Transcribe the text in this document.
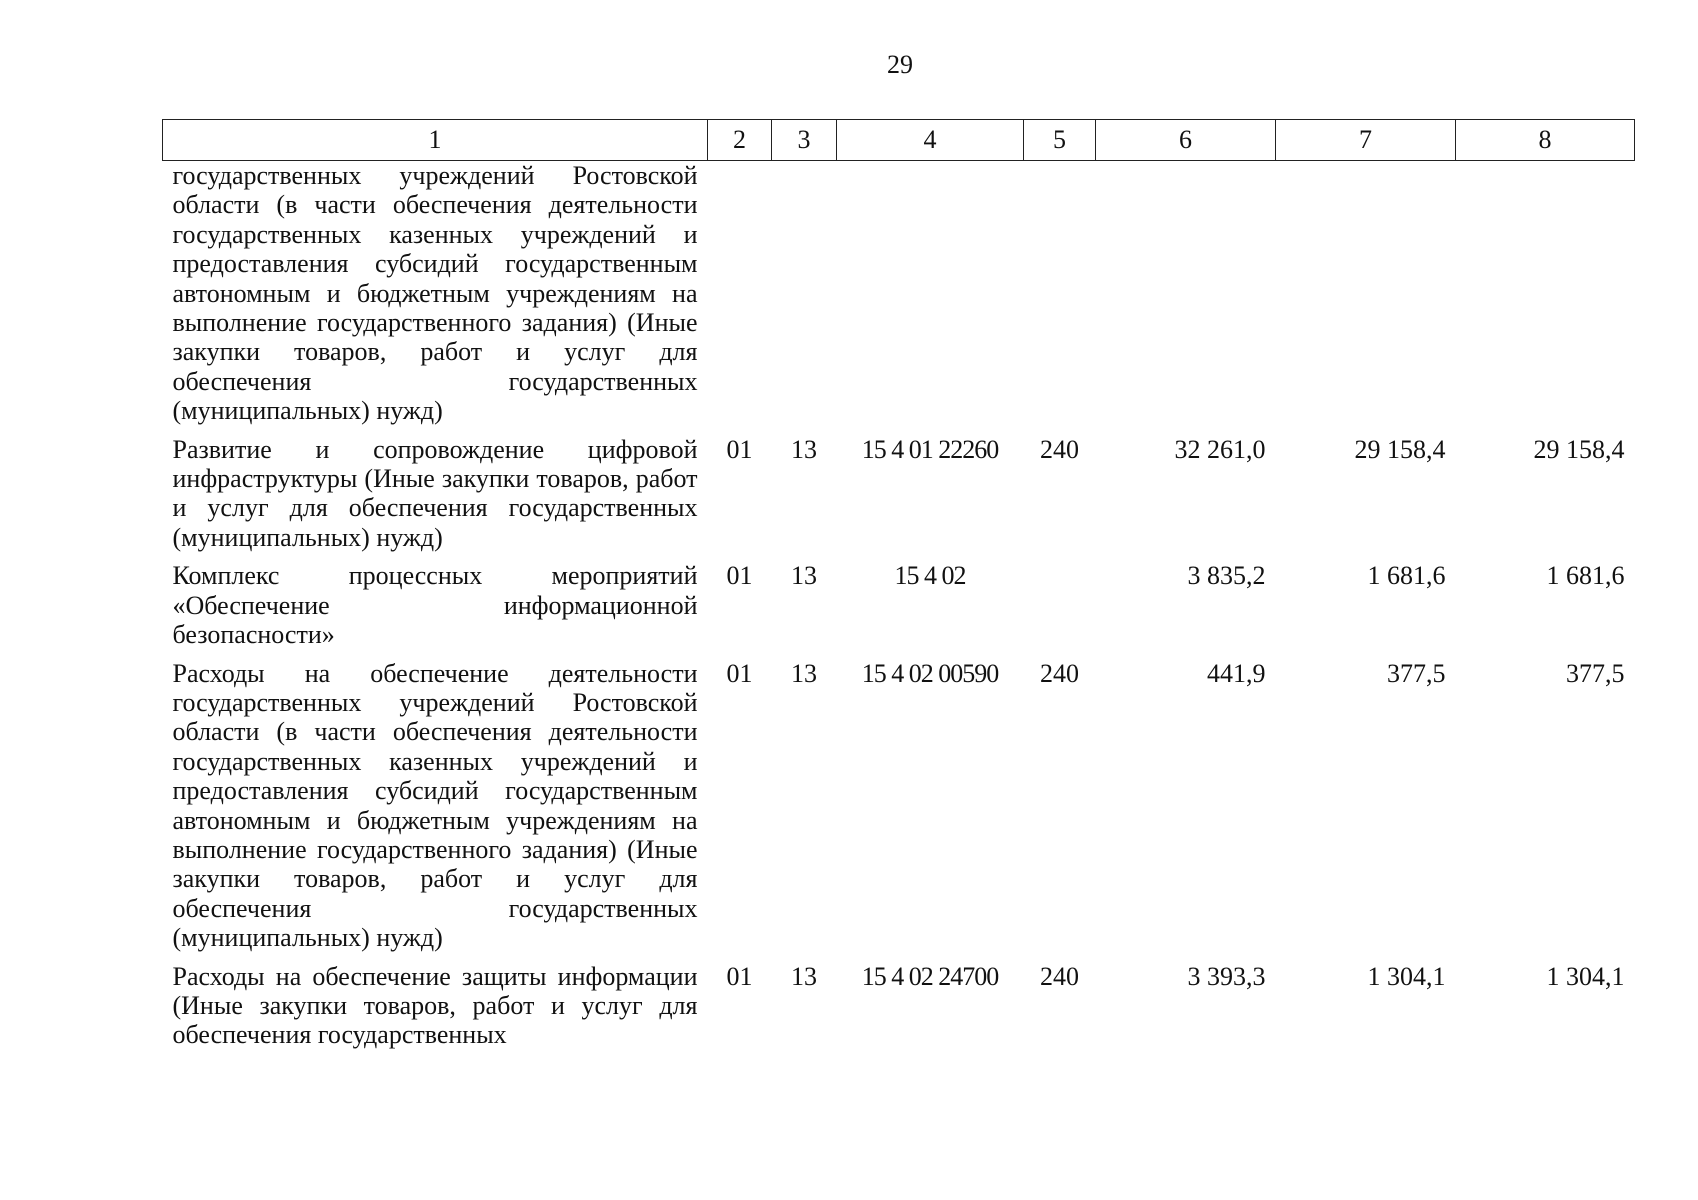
29
1	2	3	4	5	6	7	8
государственных учреждений Ростовской области (в части обеспечения деятельности государственных казенных учреждений и предоставления субсидий государственным автономным и бюджетным учреждениям на выполнение государственного задания) (Иные закупки товаров, работ и услуг для обеспечения государственных (муниципальных) нужд)							
Развитие и сопровождение цифровой инфраструктуры (Иные закупки товаров, работ и услуг для обеспечения государственных (муниципальных) нужд)	01	13	15 4 01 22260	240	32 261,0	29 158,4	29 158,4
Комплекс процессных мероприятий «Обеспечение информационной безопасности»	01	13	15 4 02		3 835,2	1 681,6	1 681,6
Расходы на обеспечение деятельности государственных учреждений Ростовской области (в части обеспечения деятельности государственных казенных учреждений и предоставления субсидий государственным автономным и бюджетным учреждениям на выполнение государственного задания) (Иные закупки товаров, работ и услуг для обеспечения государственных (муниципальных) нужд)	01	13	15 4 02 00590	240	441,9	377,5	377,5
Расходы на обеспечение защиты информации (Иные закупки товаров, работ и услуг для обеспечения государственных	01	13	15 4 02 24700	240	3 393,3	1 304,1	1 304,1
